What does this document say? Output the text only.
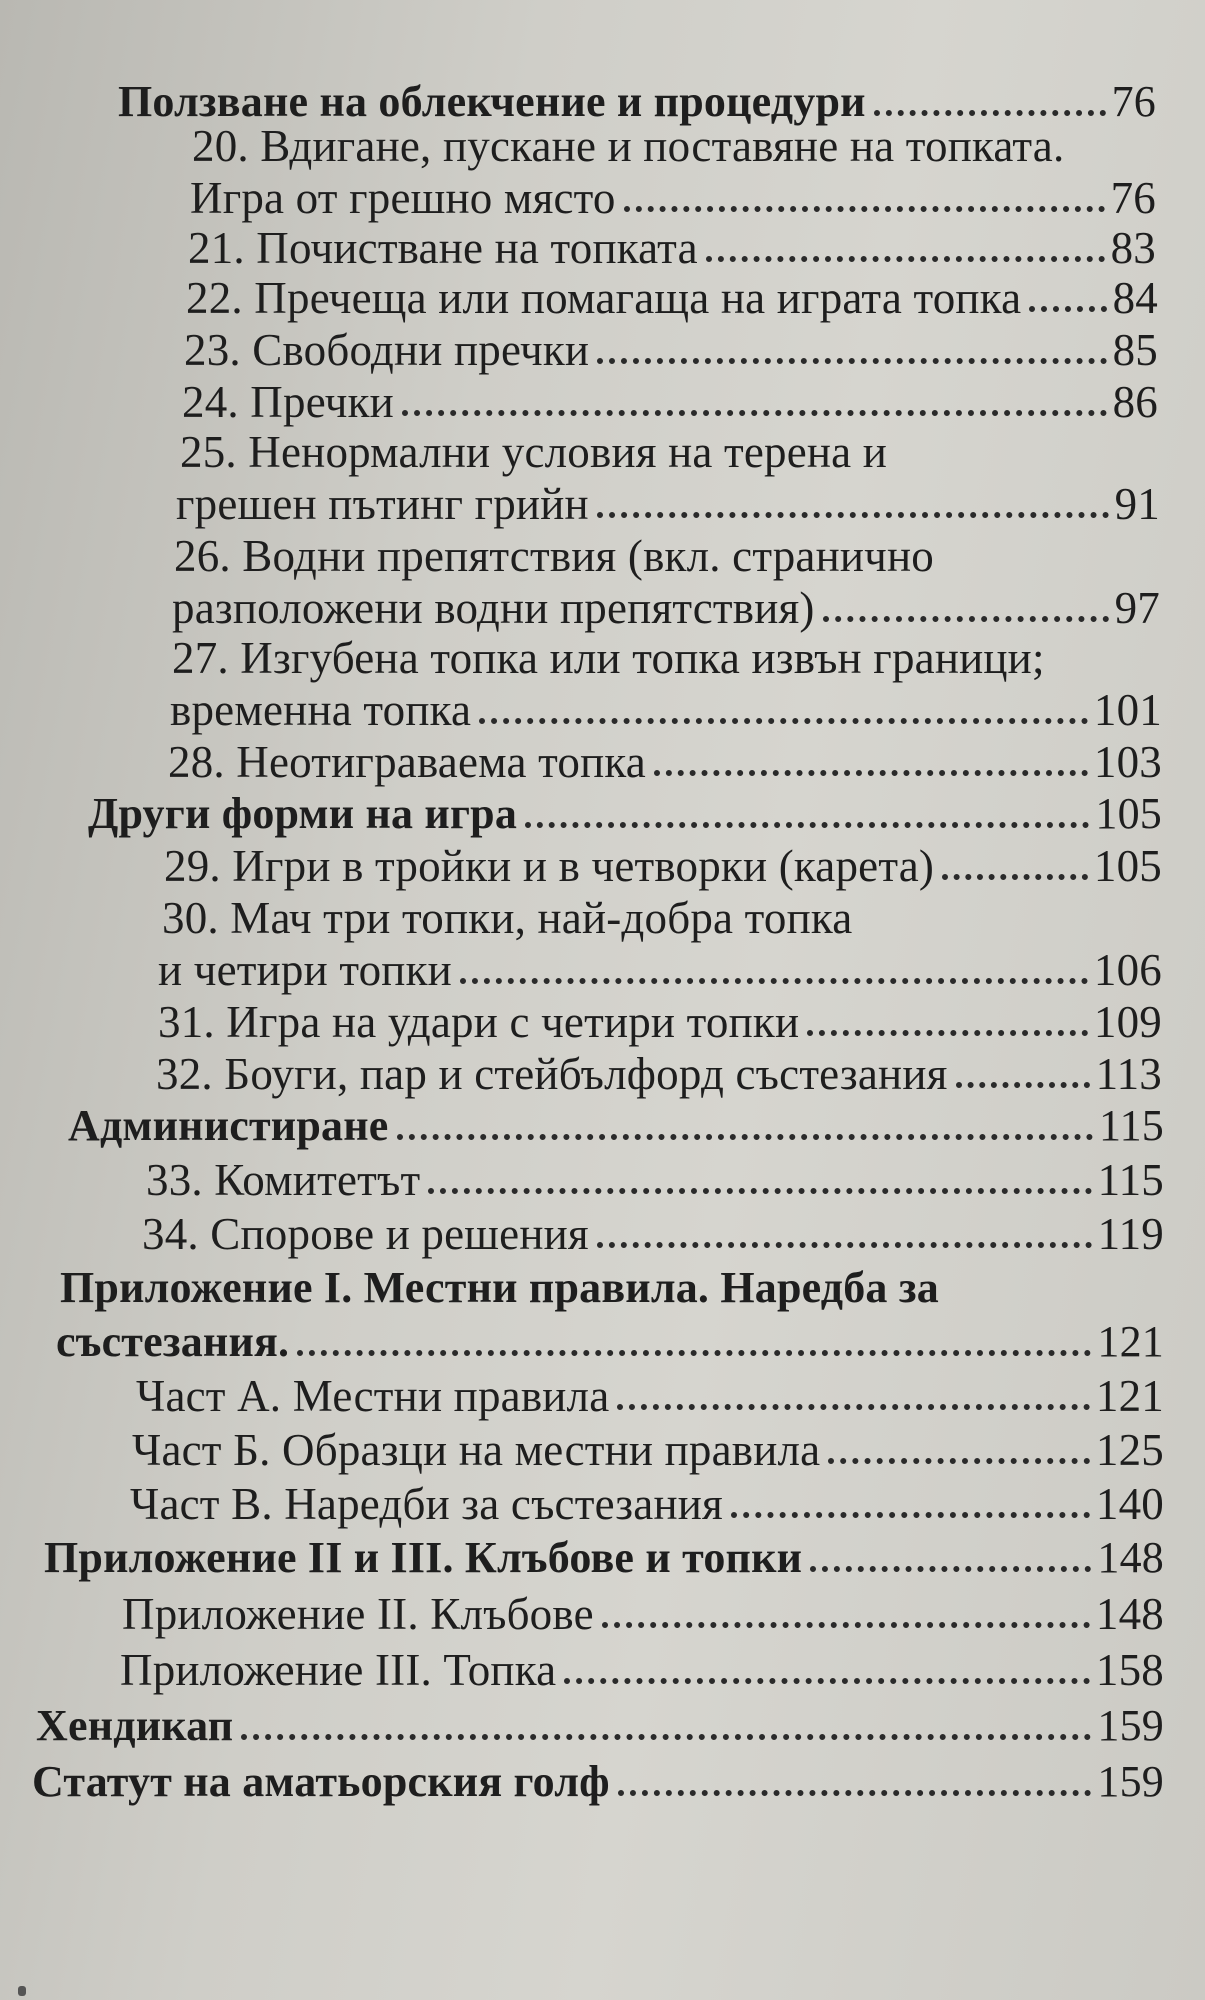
Ползване на облекчение и процедури	76
20. Вдигане, пускане и поставяне на топката.
Игра от грешно място	76
21. Почистване на топката	83
22. Пречеща или помагаща на играта топка 84
23. Свободни пречки	85
24. Пречки	86
25. Ненормални условия на терена и
грешен пътинг грийн	91
26. Водни препятствия (вкл. странично
разположени водни препятствия)	97
27. Изгубена топка или топка извън граници;
временна топка	101
28. Неотиграваема топка	103
Други форми на игра	105
29. Игри в тройки и в четворки (карета)	105
30. Мач три топки, най-добра топка
и четири топки	106
31. Игра на удари с четири топки	109
32. Боуги, пар и стейбълфорд състезания	113
Администиране	115
33. Комитетът	115
34. Спорове и решения	119
Приложение I. Местни правила. Наредба за
състезания.	121
Част А. Местни правила	121
Част Б. Образци на местни правила	125
Част В. Наредби за състезания	140
Приложение II и III. Клъбове и топки	148
Приложение II. Клъбове	148
Приложение III. Топка	158
Хендикап	159
Статут на аматьорския голф	159
